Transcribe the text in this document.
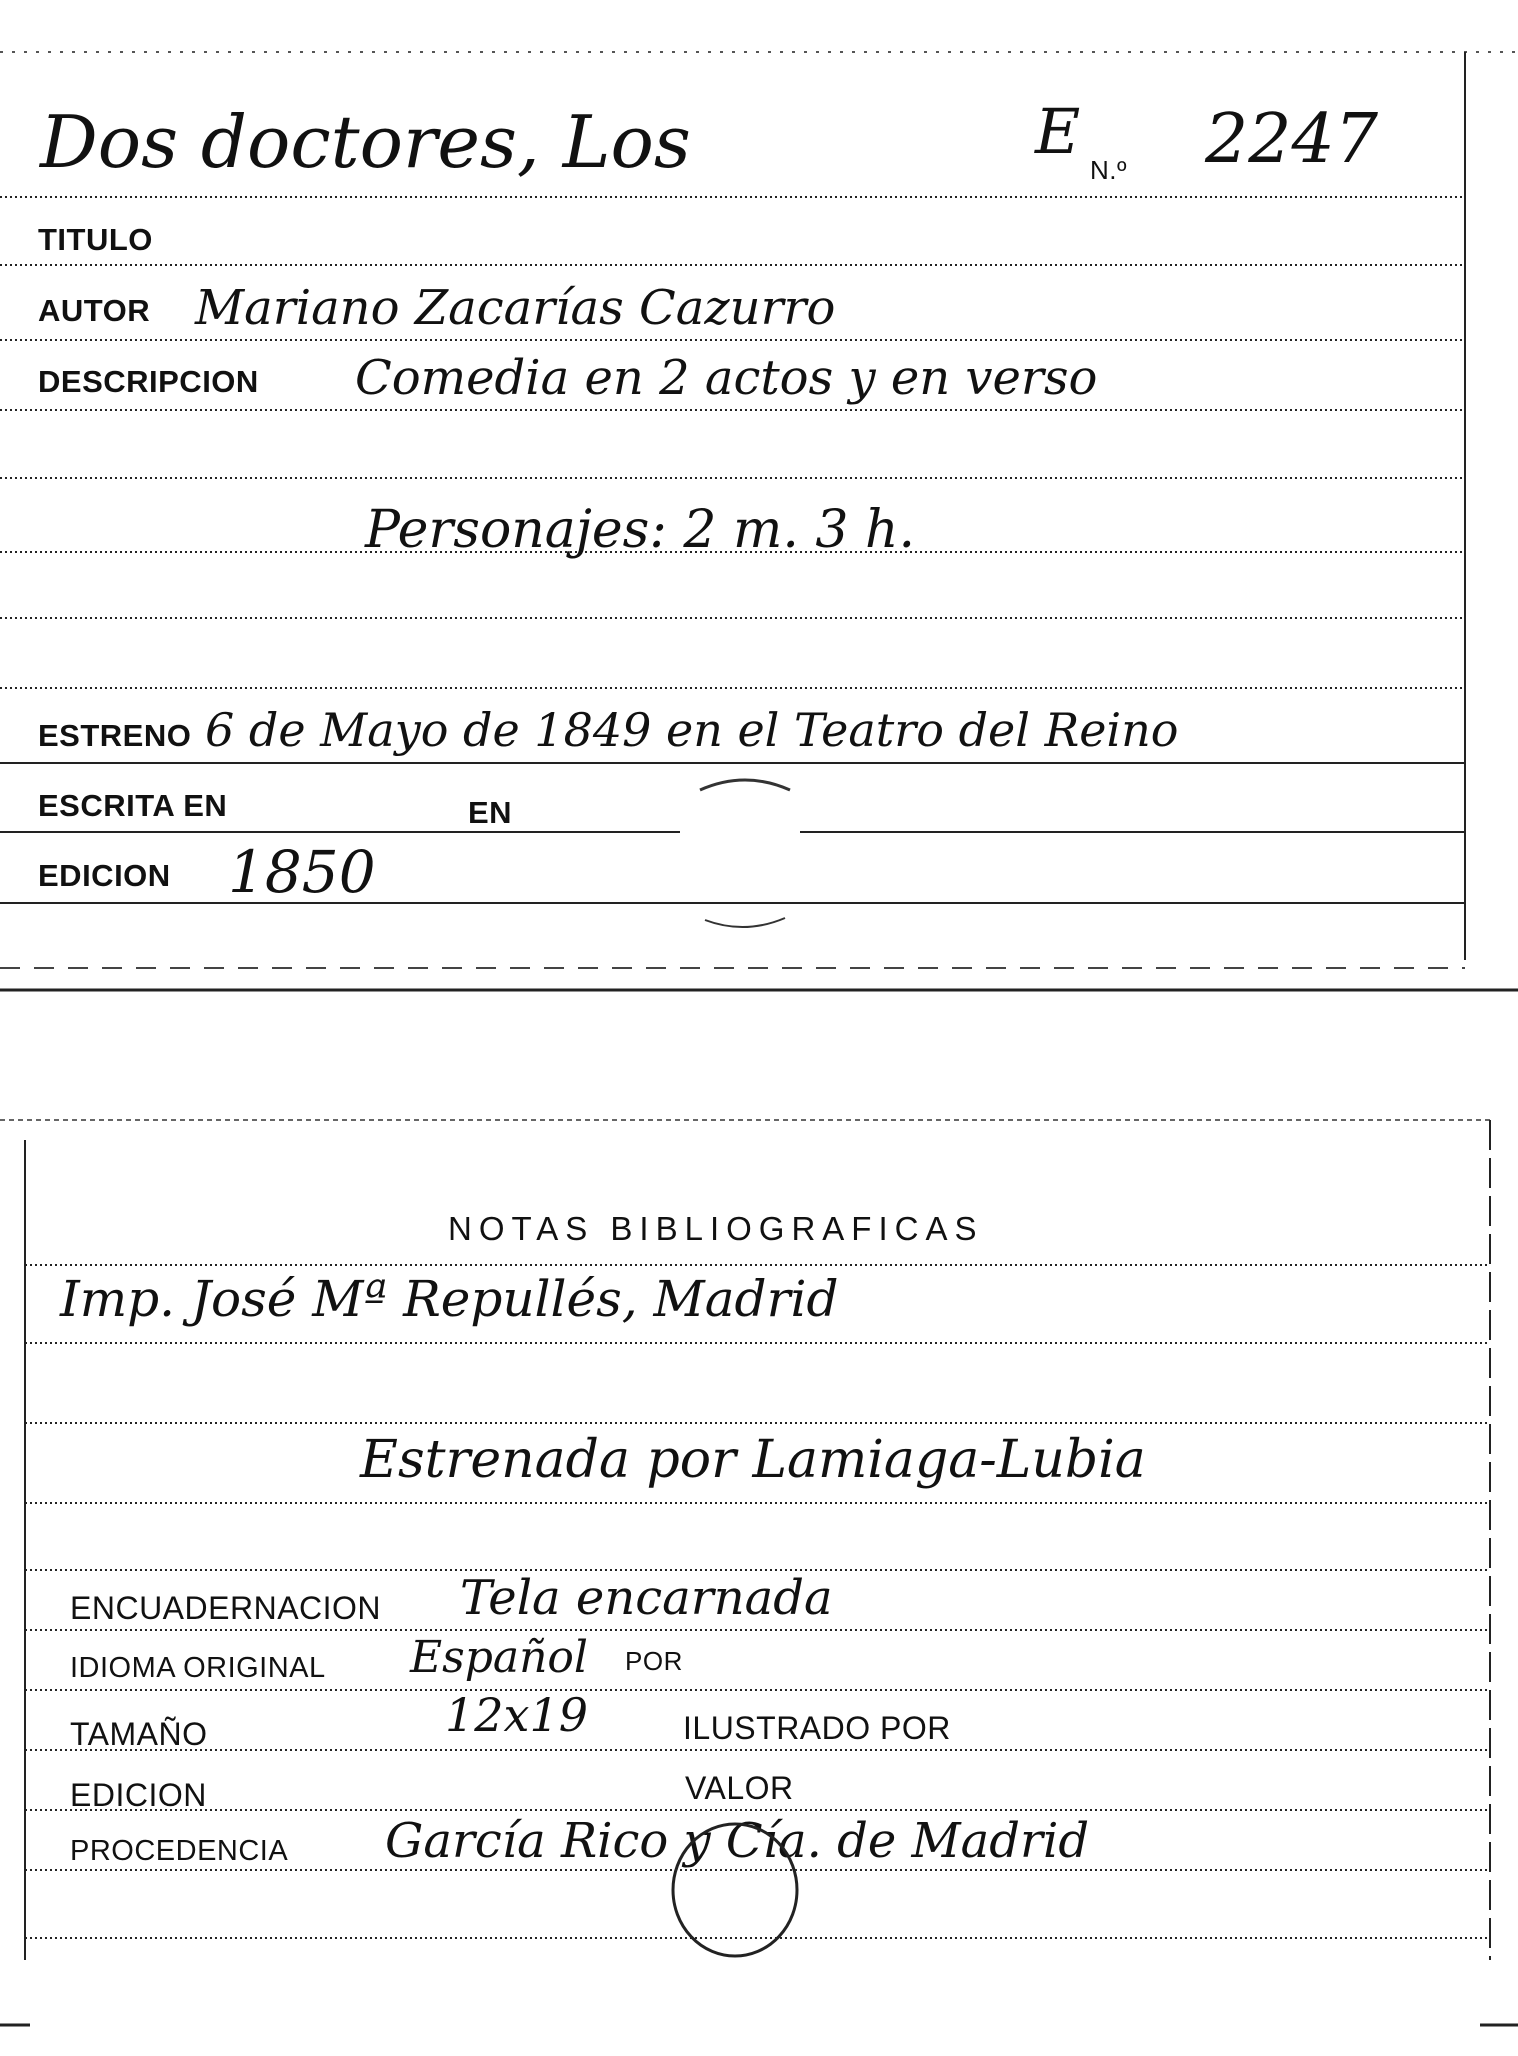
Dos doctores, Los	E
N.º 2247
TITULO
AUTOR Mariano Zacarías Cazurro
DESCRIPCION Comedia en 2 actos y en verso
Personajes: 2 m. 3 h.
ESTRENO 6 de Mayo de 1849 en el Teatro del Reino
ESCRITA EN	EN
EDICION 1850
NOTAS BIBLIOGRAFICAS
Imp. José Mª Repullés, Madrid
Estrenada por Lamiaga-Lubia
ENCUADERNACION Tela encarnada
IDIOMA ORIGINAL Español POR
TAMAÑO	12x19	ILUSTRADO POR
EDICION	VALOR
PROCEDENCIA García Rico y Cía. de Madrid
